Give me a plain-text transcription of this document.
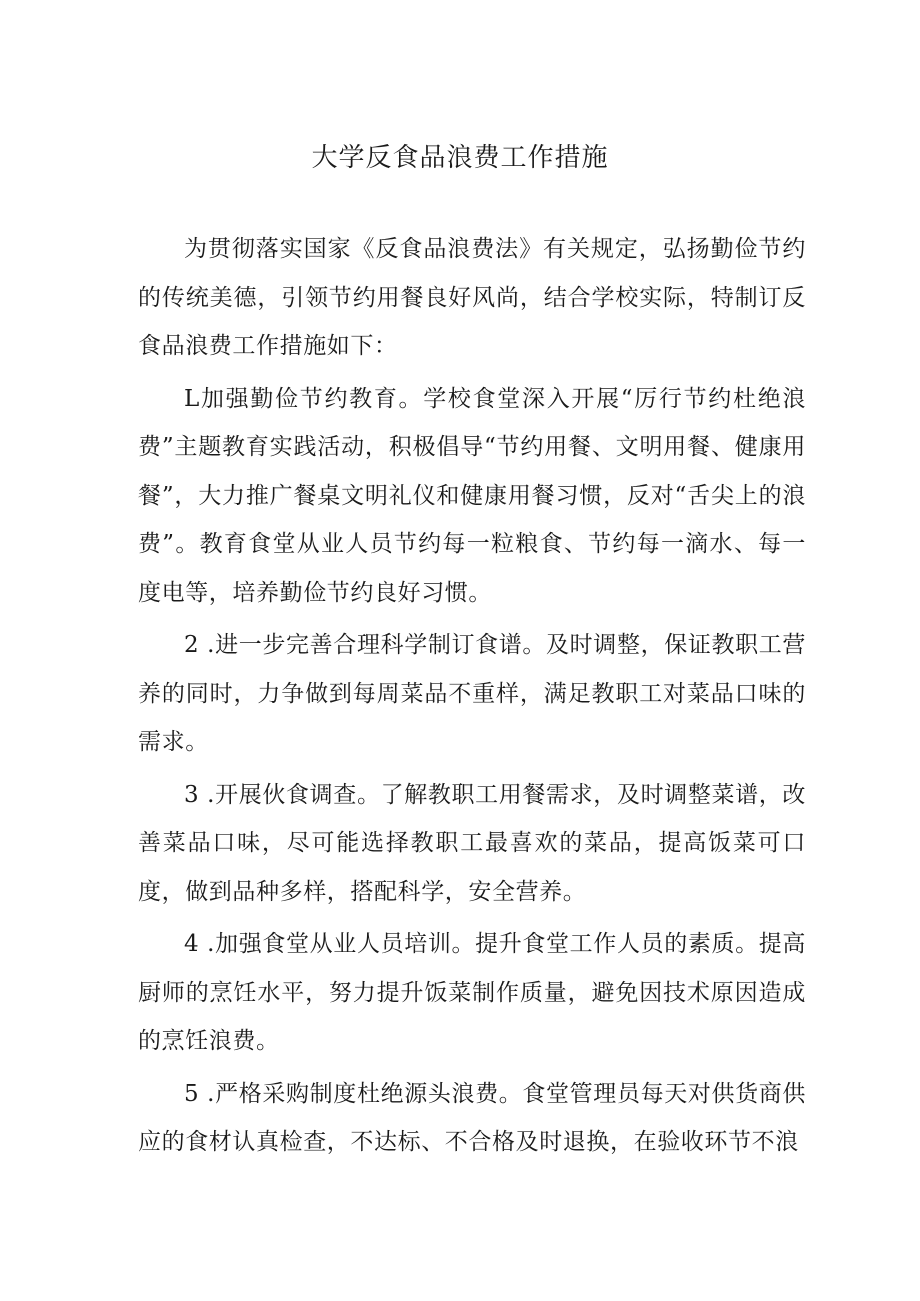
大学反食品浪费工作措施

为贯彻落实国家《反食品浪费法》有关规定，弘扬勤俭节约的传统美德，引领节约用餐良好风尚，结合学校实际，特制订反食品浪费工作措施如下：

L加强勤俭节约教育。学校食堂深入开展“厉行节约杜绝浪费”主题教育实践活动，积极倡导“节约用餐、文明用餐、健康用餐”，大力推广餐桌文明礼仪和健康用餐习惯，反对“舌尖上的浪费”。教育食堂从业人员节约每一粒粮食、节约每一滴水、每一度电等，培养勤俭节约良好习惯。

2 .进一步完善合理科学制订食谱。及时调整，保证教职工营养的同时，力争做到每周菜品不重样，满足教职工对菜品口味的需求。

3 .开展伙食调查。了解教职工用餐需求，及时调整菜谱，改善菜品口味，尽可能选择教职工最喜欢的菜品，提高饭菜可口度，做到品种多样，搭配科学，安全营养。

4 .加强食堂从业人员培训。提升食堂工作人员的素质。提高厨师的烹饪水平，努力提升饭菜制作质量，避免因技术原因造成的烹饪浪费。

5 .严格采购制度杜绝源头浪费。食堂管理员每天对供货商供应的食材认真检查，不达标、不合格及时退换，在验收环节不浪
